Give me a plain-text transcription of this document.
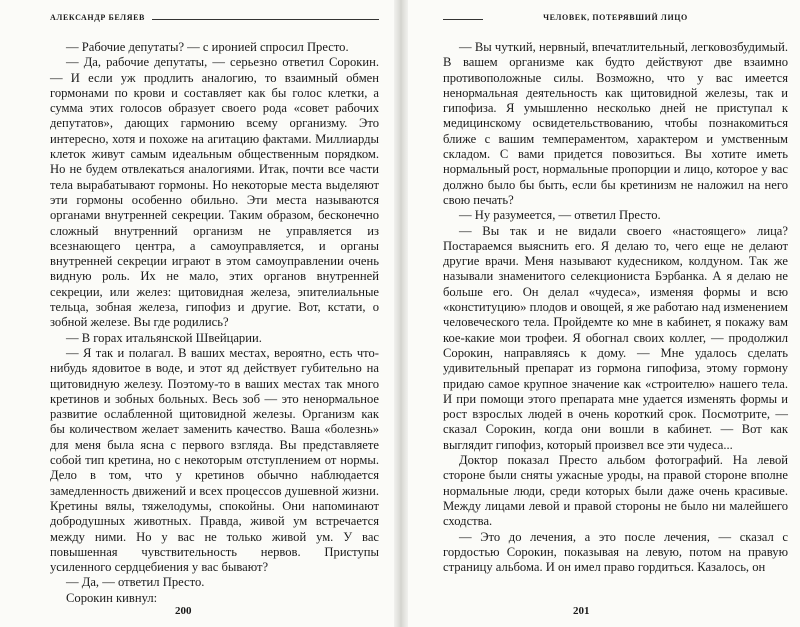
АЛЕКСАНДР БЕЛЯЕВ

— Рабочие депутаты? — с иронией спросил Престо.

— Да, рабочие депутаты, — серьезно ответил Сорокин. — И если уж продлить аналогию, то взаимный обмен гормонами по крови и составляет как бы голос клетки, а сумма этих голосов образует своего рода «совет рабочих депутатов», дающих гармонию всему организму. Это интересно, хотя и похоже на агитацию фактами. Миллиарды клеток живут самым идеальным общественным порядком. Но не будем отвлекаться аналогиями. Итак, почти все части тела вырабатывают гормоны. Но некоторые места выделяют эти гормоны особенно обильно. Эти места называются органами внутренней секреции. Таким образом, бесконечно сложный внутренний организм не управляется из всезнающего центра, а самоуправляется, и органы внутренней секреции играют в этом самоуправлении очень видную роль. Их не мало, этих органов внутренней секреции, или желез: щитовидная железа, эпителиальные тельца, зобная железа, гипофиз и другие. Вот, кстати, о зобной железе. Вы где родились?

— В горах итальянской Швейцарии.

— Я так и полагал. В ваших местах, вероятно, есть что-нибудь ядовитое в воде, и этот яд действует губительно на щитовидную железу. Поэтому-то в ваших местах так много кретинов и зобных больных. Весь зоб — это ненормальное развитие ослабленной щитовидной железы. Организм как бы количеством желает заменить качество. Ваша «болезнь» для меня была ясна с первого взгляда. Вы представляете собой тип кретина, но с некоторым отступлением от нормы. Дело в том, что у кретинов обычно наблюдается замедленность движений и всех процессов душевной жизни. Кретины вялы, тяжелодумы, спокойны. Они напоминают добродушных животных. Правда, живой ум встречается между ними. Но у вас не только живой ум. У вас повышенная чувствительность нервов. Приступы усиленного сердцебиения у вас бывают?

— Да, — ответил Престо.

Сорокин кивнул:

200
ЧЕЛОВЕК, ПОТЕРЯВШИЙ ЛИЦО

— Вы чуткий, нервный, впечатлительный, легковозбудимый. В вашем организме как будто действуют две взаимно противоположные силы. Возможно, что у вас имеется ненормальная деятельность как щитовидной железы, так и гипофиза. Я умышленно несколько дней не приступал к медицинскому освидетельствованию, чтобы познакомиться ближе с вашим темпераментом, характером и умственным складом. С вами придется повозиться. Вы хотите иметь нормальный рост, нормальные пропорции и лицо, которое у вас должно было бы быть, если бы кретинизм не наложил на него свою печать?

— Ну разумеется, — ответил Престо.

— Вы так и не видали своего «настоящего» лица? Постараемся выяснить его. Я делаю то, чего еще не делают другие врачи. Меня называют кудесником, колдуном. Так же называли знаменитого селекциониста Бэрбанка. А я делаю не больше его. Он делал «чудеса», изменяя формы и всю «конституцию» плодов и овощей, я же работаю над изменением человеческого тела. Пройдемте ко мне в кабинет, я покажу вам кое-какие мои трофеи. Я обогнал своих коллег, — продолжил Сорокин, направляясь к дому. — Мне удалось сделать удивительный препарат из гормона гипофиза, этому гормону придаю самое крупное значение как «строителю» нашего тела. И при помощи этого препарата мне удается изменять формы и рост взрослых людей в очень короткий срок. Посмотрите, — сказал Сорокин, когда они вошли в кабинет. — Вот как выглядит гипофиз, который произвел все эти чудеса...

Доктор показал Престо альбом фотографий. На левой стороне были сняты ужасные уроды, на правой стороне вполне нормальные люди, среди которых были даже очень красивые. Между лицами левой и правой стороны не было ни малейшего сходства.

— Это до лечения, а это после лечения, — сказал с гордостью Сорокин, показывая на левую, потом на правую страницу альбома. И он имел право гордиться. Казалось, он

201
